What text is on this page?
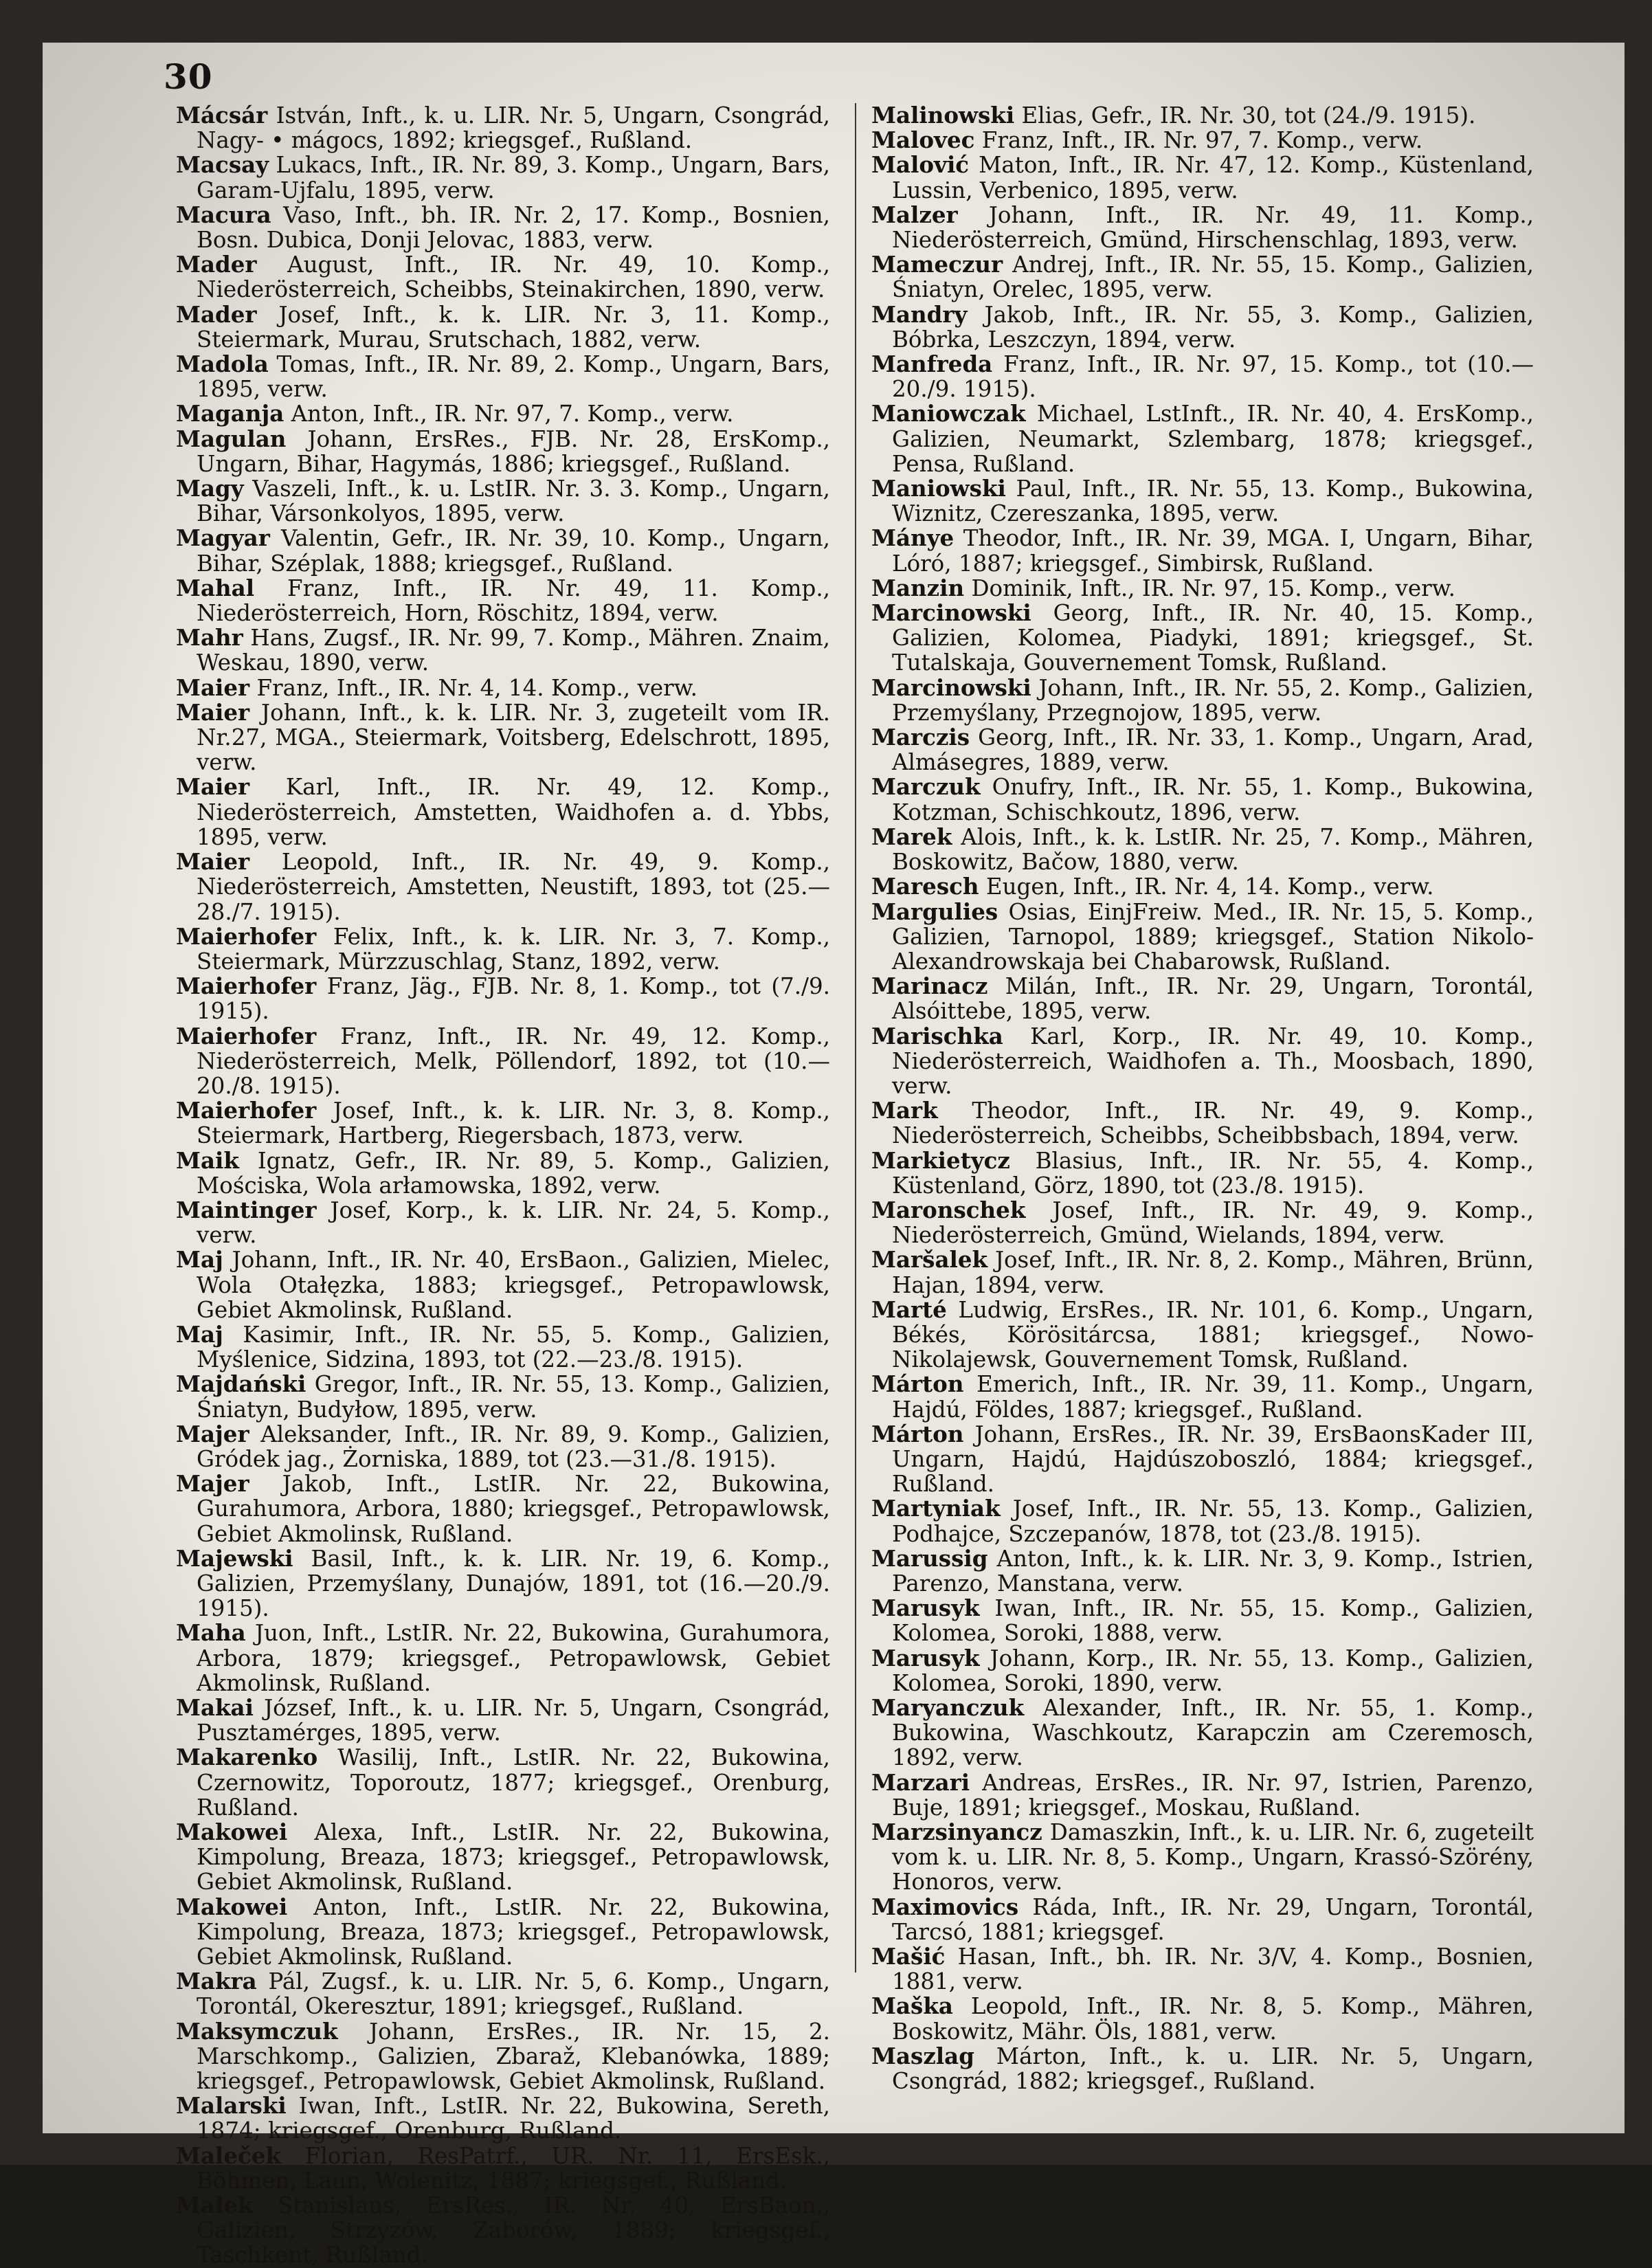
30

Mácsár István, Inft., k. u. LIR. Nr. 5, Ungarn, Csongrád, Nagy- • mágocs, 1892; kriegsgef., Rußland.

Macsay Lukacs, Inft., IR. Nr. 89, 3. Komp., Ungarn, Bars, Garam-Ujfalu, 1895, verw.

Macura Vaso, Inft., bh. IR. Nr. 2, 17. Komp., Bosnien, Bosn. Dubica, Donji Jelovac, 1883, verw.

Mader August, Inft., IR. Nr. 49, 10. Komp., Niederösterreich, Scheibbs, Steinakirchen, 1890, verw.

Mader Josef, Inft., k. k. LIR. Nr. 3, 11. Komp., Steiermark, Murau, Srutschach, 1882, verw.

Madola Tomas, Inft., IR. Nr. 89, 2. Komp., Ungarn, Bars, 1895, verw.

Maganja Anton, Inft., IR. Nr. 97, 7. Komp., verw.

Magulan Johann, ErsRes., FJB. Nr. 28, ErsKomp., Ungarn, Bihar, Hagymás, 1886; kriegsgef., Rußland.

Magy Vaszeli, Inft., k. u. LstIR. Nr. 3. 3. Komp., Ungarn, Bihar, Vársonkolyos, 1895, verw.

Magyar Valentin, Gefr., IR. Nr. 39, 10. Komp., Ungarn, Bihar, Széplak, 1888; kriegsgef., Rußland.

Mahal Franz, Inft., IR. Nr. 49, 11. Komp., Niederösterreich, Horn, Röschitz, 1894, verw.

Mahr Hans, Zugsf., IR. Nr. 99, 7. Komp., Mähren. Znaim, Weskau, 1890, verw.

Maier Franz, Inft., IR. Nr. 4, 14. Komp., verw.

Maier Johann, Inft., k. k. LIR. Nr. 3, zugeteilt vom IR. Nr.27, MGA., Steiermark, Voitsberg, Edelschrott, 1895, verw.

Maier Karl, Inft., IR. Nr. 49, 12. Komp., Niederösterreich, Amstetten, Waidhofen a. d. Ybbs, 1895, verw.

Maier Leopold, Inft., IR. Nr. 49, 9. Komp., Niederösterreich, Amstetten, Neustift, 1893, tot (25.—28./7. 1915).

Maierhofer Felix, Inft., k. k. LIR. Nr. 3, 7. Komp., Steiermark, Mürzzuschlag, Stanz, 1892, verw.

Maierhofer Franz, Jäg., FJB. Nr. 8, 1. Komp., tot (7./9. 1915).

Maierhofer Franz, Inft., IR. Nr. 49, 12. Komp., Niederösterreich, Melk, Pöllendorf, 1892, tot (10.—20./8. 1915).

Maierhofer Josef, Inft., k. k. LIR. Nr. 3, 8. Komp., Steiermark, Hartberg, Riegersbach, 1873, verw.

Maik Ignatz, Gefr., IR. Nr. 89, 5. Komp., Galizien, Mościska, Wola arłamowska, 1892, verw.

Maintinger Josef, Korp., k. k. LIR. Nr. 24, 5. Komp., verw.

Maj Johann, Inft., IR. Nr. 40, ErsBaon., Galizien, Mielec, Wola Otałęzka, 1883; kriegsgef., Petropawlowsk, Gebiet Akmolinsk, Rußland.

Maj Kasimir, Inft., IR. Nr. 55, 5. Komp., Galizien, Myślenice, Sidzina, 1893, tot (22.—23./8. 1915).

Majdański Gregor, Inft., IR. Nr. 55, 13. Komp., Galizien, Śniatyn, Budyłow, 1895, verw.

Majer Aleksander, Inft., IR. Nr. 89, 9. Komp., Galizien, Gródek jag., Żorniska, 1889, tot (23.—31./8. 1915).

Majer Jakob, Inft., LstIR. Nr. 22, Bukowina, Gurahumora, Arbora, 1880; kriegsgef., Petropawlowsk, Gebiet Akmolinsk, Rußland.

Majewski Basil, Inft., k. k. LIR. Nr. 19, 6. Komp., Galizien, Przemyślany, Dunajów, 1891, tot (16.—20./9. 1915).

Maha Juon, Inft., LstIR. Nr. 22, Bukowina, Gurahumora, Arbora, 1879; kriegsgef., Petropawlowsk, Gebiet Akmolinsk, Rußland.

Makai József, Inft., k. u. LIR. Nr. 5, Ungarn, Csongrád, Pusztamérges, 1895, verw.

Makarenko Wasilij, Inft., LstIR. Nr. 22, Bukowina, Czernowitz, Toporoutz, 1877; kriegsgef., Orenburg, Rußland.

Makowei Alexa, Inft., LstIR. Nr. 22, Bukowina, Kimpolung, Breaza, 1873; kriegsgef., Petropawlowsk, Gebiet Akmolinsk, Rußland.

Makowei Anton, Inft., LstIR. Nr. 22, Bukowina, Kimpolung, Breaza, 1873; kriegsgef., Petropawlowsk, Gebiet Akmolinsk, Rußland.

Makra Pál, Zugsf., k. u. LIR. Nr. 5, 6. Komp., Ungarn, Torontál, Okeresztur, 1891; kriegsgef., Rußland.

Maksymczuk Johann, ErsRes., IR. Nr. 15, 2. Marschkomp., Galizien, Zbaraž, Klebanówka, 1889; kriegsgef., Petropawlowsk, Gebiet Akmolinsk, Rußland.

Malarski Iwan, Inft., LstIR. Nr. 22, Bukowina, Sereth, 1874; kriegsgef., Orenburg, Rußland.

Maleček Florian, ResPatrf., UR. Nr. 11, ErsEsk., Böhmen, Laun, Wolenitz, 1887; kriegsgef., Rußland.

Malek Stanislaus, ErsRes., IR. Nr. 40, ErsBaon., Galizien, Strzyzów, Zaborów, 1889; kriegsgef., Taschkent, Rußland.

Malinowski Elias, Gefr., IR. Nr. 30, tot (24./9. 1915).

Malovec Franz, Inft., IR. Nr. 97, 7. Komp., verw.

Malović Maton, Inft., IR. Nr. 47, 12. Komp., Küstenland, Lussin, Verbenico, 1895, verw.

Malzer Johann, Inft., IR. Nr. 49, 11. Komp., Niederösterreich, Gmünd, Hirschenschlag, 1893, verw.

Mameczur Andrej, Inft., IR. Nr. 55, 15. Komp., Galizien, Śniatyn, Orelec, 1895, verw.

Mandry Jakob, Inft., IR. Nr. 55, 3. Komp., Galizien, Bóbrka, Leszczyn, 1894, verw.

Manfreda Franz, Inft., IR. Nr. 97, 15. Komp., tot (10.—20./9. 1915).

Maniowczak Michael, LstInft., IR. Nr. 40, 4. ErsKomp., Galizien, Neumarkt, Szlembarg, 1878; kriegsgef., Pensa, Rußland.

Maniowski Paul, Inft., IR. Nr. 55, 13. Komp., Bukowina, Wiznitz, Czereszanka, 1895, verw.

Mánye Theodor, Inft., IR. Nr. 39, MGA. I, Ungarn, Bihar, Lóró, 1887; kriegsgef., Simbirsk, Rußland.

Manzin Dominik, Inft., IR. Nr. 97, 15. Komp., verw.

Marcinowski Georg, Inft., IR. Nr. 40, 15. Komp., Galizien, Kolomea, Piadyki, 1891; kriegsgef., St. Tutalskaja, Gouvernement Tomsk, Rußland.

Marcinowski Johann, Inft., IR. Nr. 55, 2. Komp., Galizien, Przemyślany, Przegnojow, 1895, verw.

Marczis Georg, Inft., IR. Nr. 33, 1. Komp., Ungarn, Arad, Almásegres, 1889, verw.

Marczuk Onufry, Inft., IR. Nr. 55, 1. Komp., Bukowina, Kotzman, Schischkoutz, 1896, verw.

Marek Alois, Inft., k. k. LstIR. Nr. 25, 7. Komp., Mähren, Boskowitz, Bačow, 1880, verw.

Maresch Eugen, Inft., IR. Nr. 4, 14. Komp., verw.

Margulies Osias, EinjFreiw. Med., IR. Nr. 15, 5. Komp., Galizien, Tarnopol, 1889; kriegsgef., Station Nikolo-Alexandrowskaja bei Chabarowsk, Rußland.

Marinacz Milán, Inft., IR. Nr. 29, Ungarn, Torontál, Alsóittebe, 1895, verw.

Marischka Karl, Korp., IR. Nr. 49, 10. Komp., Niederösterreich, Waidhofen a. Th., Moosbach, 1890, verw.

Mark Theodor, Inft., IR. Nr. 49, 9. Komp., Niederösterreich, Scheibbs, Scheibbsbach, 1894, verw.

Markietycz Blasius, Inft., IR. Nr. 55, 4. Komp., Küstenland, Görz, 1890, tot (23./8. 1915).

Maronschek Josef, Inft., IR. Nr. 49, 9. Komp., Niederösterreich, Gmünd, Wielands, 1894, verw.

Maršalek Josef, Inft., IR. Nr. 8, 2. Komp., Mähren, Brünn, Hajan, 1894, verw.

Marté Ludwig, ErsRes., IR. Nr. 101, 6. Komp., Ungarn, Békés, Körösitárcsa, 1881; kriegsgef., Nowo-Nikolajewsk, Gouvernement Tomsk, Rußland.

Márton Emerich, Inft., IR. Nr. 39, 11. Komp., Ungarn, Hajdú, Földes, 1887; kriegsgef., Rußland.

Márton Johann, ErsRes., IR. Nr. 39, ErsBaonsKader III, Ungarn, Hajdú, Hajdúszoboszló, 1884; kriegsgef., Rußland.

Martyniak Josef, Inft., IR. Nr. 55, 13. Komp., Galizien, Podhajce, Szczepanów, 1878, tot (23./8. 1915).

Marussig Anton, Inft., k. k. LIR. Nr. 3, 9. Komp., Istrien, Parenzo, Manstana, verw.

Marusyk Iwan, Inft., IR. Nr. 55, 15. Komp., Galizien, Kolomea, Soroki, 1888, verw.

Marusyk Johann, Korp., IR. Nr. 55, 13. Komp., Galizien, Kolomea, Soroki, 1890, verw.

Maryanczuk Alexander, Inft., IR. Nr. 55, 1. Komp., Bukowina, Waschkoutz, Karapczin am Czeremosch, 1892, verw.

Marzari Andreas, ErsRes., IR. Nr. 97, Istrien, Parenzo, Buje, 1891; kriegsgef., Moskau, Rußland.

Marzsinyancz Damaszkin, Inft., k. u. LIR. Nr. 6, zugeteilt vom k. u. LIR. Nr. 8, 5. Komp., Ungarn, Krassó-Szörény, Honoros, verw.

Maximovics Ráda, Inft., IR. Nr. 29, Ungarn, Torontál, Tarcsó, 1881; kriegsgef.

Mašić Hasan, Inft., bh. IR. Nr. 3/V, 4. Komp., Bosnien, 1881, verw.

Maška Leopold, Inft., IR. Nr. 8, 5. Komp., Mähren, Boskowitz, Mähr. Öls, 1881, verw.

Maszlag Márton, Inft., k. u. LIR. Nr. 5, Ungarn, Csongrád, 1882; kriegsgef., Rußland.
